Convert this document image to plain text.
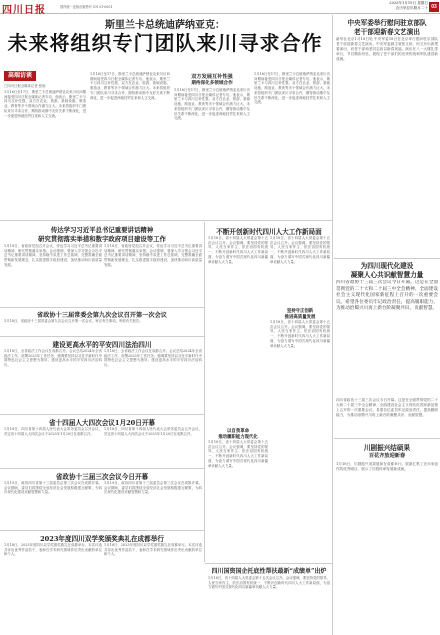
四川日报	国内统一连续出版物号 CN 51-0001
2025年1月19日 星期日
农历甲辰年腊月二十 03
斯里兰卡总统迪萨纳亚克：
未来将组织专门团队来川寻求合作
高端访谈
□四川日报全媒体记者 张琼
1月16日至17日，斯里兰卡总统迪萨纳亚克来川访问期间接受四川日报全媒体记者专访。他表示，斯里兰卡与四川互补性强，双方在农业、旅游、基础设施、制造业、教育等多个领域合作潜力巨大。未来将组织专门团队来川寻求合作，期待推动斯中友好关系不断深化，进一步促进两地经贸往来和人文交流。
1月16日至17日，斯里兰卡总统迪萨纳亚克来川访问期间接受四川日报全媒体记者专访。他表示，斯里兰卡与四川互补性强，双方在农业、旅游、基础设施、制造业、教育等多个领域合作潜力巨大。未来将组织专门团队来川寻求合作，期待推动斯中友好关系不断深化，进一步促进两地经贸往来和人文交流。
双方发展互补性强
期待深化多领域合作
1月16日至17日，斯里兰卡总统迪萨纳亚克来川访问期间接受四川日报全媒体记者专访。他表示，斯里兰卡与四川互补性强，双方在农业、旅游、基础设施、制造业、教育等多个领域合作潜力巨大。未来将组织专门团队来川寻求合作，期待推动斯中友好关系不断深化，进一步促进两地经贸往来和人文交流。
1月16日至17日，斯里兰卡总统迪萨纳亚克来川访问期间接受四川日报全媒体记者专访。他表示，斯里兰卡与四川互补性强，双方在农业、旅游、基础设施、制造业、教育等多个领域合作潜力巨大。未来将组织专门团队来川寻求合作，期待推动斯中友好关系不断深化，进一步促进两地经贸往来和人文交流。
中央军委举行慰问驻京部队
老干部迎新春文艺演出
新华社北京1月18日电 中央军委18日在北京举行慰问驻京部队老干部迎新春文艺演出。中央军委副主席张又侠、何卫东出席观看演出，向老干部和老同志致以新春祝福。演出在八一大楼礼堂举行，节目精彩纷呈，展现了老干部们的光荣传统和军队建设新成就。
为四川现代化建设
凝聚人心共识献智慧力量
四川省政协十三届三次会议今日开幕。这是在全面贯彻党的二十大和二十届三中全会精神、全面建设社会主义现代化国家新征程上召开的一次重要会议。希望各位委员牢记政治责任，提高履职能力，为推动治蜀兴川再上新台阶凝聚共识、贡献智慧。
四川省政协十三届三次会议今日开幕。这是在全面贯彻党的二十大和二十届三中全会精神、全面建设社会主义现代化国家新征程上召开的一次重要会议。希望各位委员牢记政治责任，提高履职能力，为推动治蜀兴川再上新台阶凝聚共识、贡献智慧。
川剧振兴结硕果
百花齐放迎新春
1月18日，川剧振兴成果展演在成都举行。展演汇集了近年来创作的优秀剧目，展示了川剧传承发展新成就。
传达学习习近平总书记重要讲话精神
研究贯彻落实举措和数字政府项目建设等工作
1月18日，省政府党组召开会议，传达学习习近平总书记重要讲话精神，研究贯彻落实举措。会议强调，要深入学习领会习近平总书记重要讲话精神，坚持稳中求进工作总基调，完整准确全面贯彻新发展理念，扎实推进数字政府建设，加快推动四川高质量发展。
1月18日，省政府党组召开会议，传达学习习近平总书记重要讲话精神，研究贯彻落实举措。会议强调，要深入学习领会习近平总书记重要讲话精神，坚持稳中求进工作总基调，完整准确全面贯彻新发展理念，扎实推进数字政府建设，加快推动四川高质量发展。
省政协十三届常委会第九次会议召开第一次会议
1月18日，省政协十三届常委会第九次会议召开第一次会议，审议有关事项，听取有关报告。
建设更高水平的平安四川法治四川
1月18日，全省政法工作会议在成都召开。会议总结2024年全省政法工作，部署2025年工作任务，强调要坚持以习近平新时代中国特色社会主义思想为指导，建设更高水平的平安四川法治四川。
1月18日，全省政法工作会议在成都召开。会议总结2024年全省政法工作，部署2025年工作任务，强调要坚持以习近平新时代中国特色社会主义思想为指导，建设更高水平的平安四川法治四川。
省十四届人大四次会议1月20日开幕
1月18日，四川省第十四届人民代表大会常务委员会召开会议，决定省十四届人大四次会议于2025年1月20日在成都召开。
1月18日，四川省第十四届人民代表大会常务委员会召开会议，决定省十四届人大四次会议于2025年1月20日在成都召开。
省政协十三届三次会议今日开幕
1月19日，政协四川省第十三届委员会第三次会议在成都开幕。会议期间，委员们将围绕全省经济社会发展积极建言献策，为四川现代化建设贡献智慧和力量。
1月19日，政协四川省第十三届委员会第三次会议在成都开幕。会议期间，委员们将围绕全省经济社会发展积极建言献策，为四川现代化建设贡献智慧和力量。
2023年度四川双学奖颁奖典礼在成都举行
1月18日，2023年度四川双学奖颁奖典礼在成都举行。本次评选共评出优秀作品若干，表彰在学术研究领域作出突出贡献的单位和个人。
1月18日，2023年度四川双学奖颁奖典礼在成都举行。本次评选共评出优秀作品若干，表彰在学术研究领域作出突出贡献的单位和个人。
不断开创新时代四川人大工作新局面
1月18日，省十四届人大常委会第十五次会议召开。会议强调，要坚持党的领导、人民当家作主、依法治国有机统一，不断开创新时代四川人大工作新局面，为奋力谱写中国式现代化四川新篇章贡献人大力量。
1月18日，省十四届人大常委会第十五次会议召开。会议强调，要坚持党的领导、人民当家作主、依法治国有机统一，不断开创新时代四川人大工作新局面，为奋力谱写中国式现代化四川新篇章贡献人大力量。
坚持守正创新
推进高质量发展
1月18日，省十四届人大常委会第十五次会议召开。会议强调，要坚持党的领导、人民当家作主、依法治国有机统一，不断开创新时代四川人大工作新局面，为奋力谱写中国式现代化四川新篇章贡献人大力量。
以自我革命
推动履职能力现代化
1月18日，省十四届人大常委会第十五次会议召开。会议强调，要坚持党的领导、人民当家作主、依法治国有机统一，不断开创新时代四川人大工作新局面，为奋力谱写中国式现代化四川新篇章贡献人大力量。
四川国资国企托底性帮扶最新“成绩单”出炉
1月18日，省十四届人大常委会第十五次会议召开。会议强调，要坚持党的领导、人民当家作主、依法治国有机统一，不断开创新时代四川人大工作新局面，为奋力谱写中国式现代化四川新篇章贡献人大力量。
